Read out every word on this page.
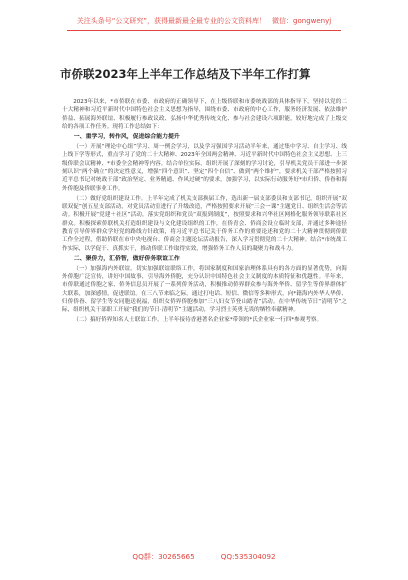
关注头条号“公文研究”，获得最新最全最专业的公文资料库！ 微信：gongwenyj
市侨联2023年上半年工作总结及下半年工作打算

2023年以来，*市侨联在市委、市政府的正确领导下，在上级侨联和市委统战部的具体指导下，坚持以党的二十大精神和习近平新时代中国特色社会主义思想为指导，围绕市委、市政府的中心工作，服务经济发展、依法维护侨益、拓展海外联谊、积极履行参政议政、弘扬中华优秀传统文化、参与社会建设六项职能，较好地完成了上级交给的各项工作任务。现将工作总结如下：

一、重学习，转作风，促进综合能力提升

（一）开展“理论中心组”学习、周一例会学习，以及学习强国学习活动半年来，通过集中学习、自主学习、线上线下学等形式，重点学习了党的二十大精神、2023年全国两会精神、习近平新时代中国特色社会主义思想、上三级侨联会议精神、*市委全会精神等内容。结合单位实际，组织开展了深刻的学习讨论，引导机关党员干部进一步深刻认识“两个确立”的决定性意义，增强“四个意识”、坚定“四个自信”、做到“两个维护”，要求机关干部严格按照习近平总书记对统战干部“政治坚定、业务精通、作风过硬”的要求，加强学习，以实际行动服务好*市归侨、侨眷和海外侨胞及侨联事业工作。

（二）做好党组织建设工作。上半年完成了机关支部换届工作，选出新一届支部委员和支部书记。组织开展“双联双促”创五星支部活动，对党员活动室进行了升级改造，严格按照要求开展“三会一课”主题党日、组织生活会等活动。积极开展“党建＋社区”活动，落实党组织和党员“双报到制度”，按照要求和兴华社区网格化服务领导联系社区群众。积极探索侨联机关打造组织建设与文化建设组织的工作，在侨青会、侨商会设立临时支部，并通过多种途径教育引导侨界群众学好党的路线方针政策，将习近平总书记关于侨务工作的重要论述和党的二十大精神贯彻到侨联工作全过程，借助侨联在市中央电视台、侨商会主题论坛活动报告，深入学习贯彻党的二十大精神。结合*市统战工作实际，以学促干、真抓实干，推动侨联工作取得实效，增强侨务工作人员的凝聚力和战斗力。

二、聚侨力，汇侨智，做好侨务联谊工作

（一）加强海内外联谊。切实加强联谊联络工作，将国家制度和国家治理体系具有的各方面的显著优势，向海外侨胞广泛宣传，讲好中国故事，引导海外侨胞，充分认识中国特色社会主义制度的本质特征和优越性。半年来，市侨联通过侨胞之家、侨务信息员开展了一系列侨务活动，积极推动侨界群众参与海外华侨、留学生等侨界群体扩大联系，加深感情，促进联谊。在三八节来临之际，通过打电话、短信、微信等多种形式，向*籍海内外华人华侨、归侨侨眷、留学生等女同胞送祝福，组织女侨界侨胞参加“三八妇女节登山踏青”活动。在中华传统节日“清明节”之际，组织机关干部职工开展“我们的节日·清明节”主题活动，学习烈士英勇无畏的牺牲奉献精神。

（二）搞好侨界知名人士联谊工作。上半年接待香港著名企业家*带领的*氏企业家一行四*参观考察。

QQ群：30265665	QQ:535304092
